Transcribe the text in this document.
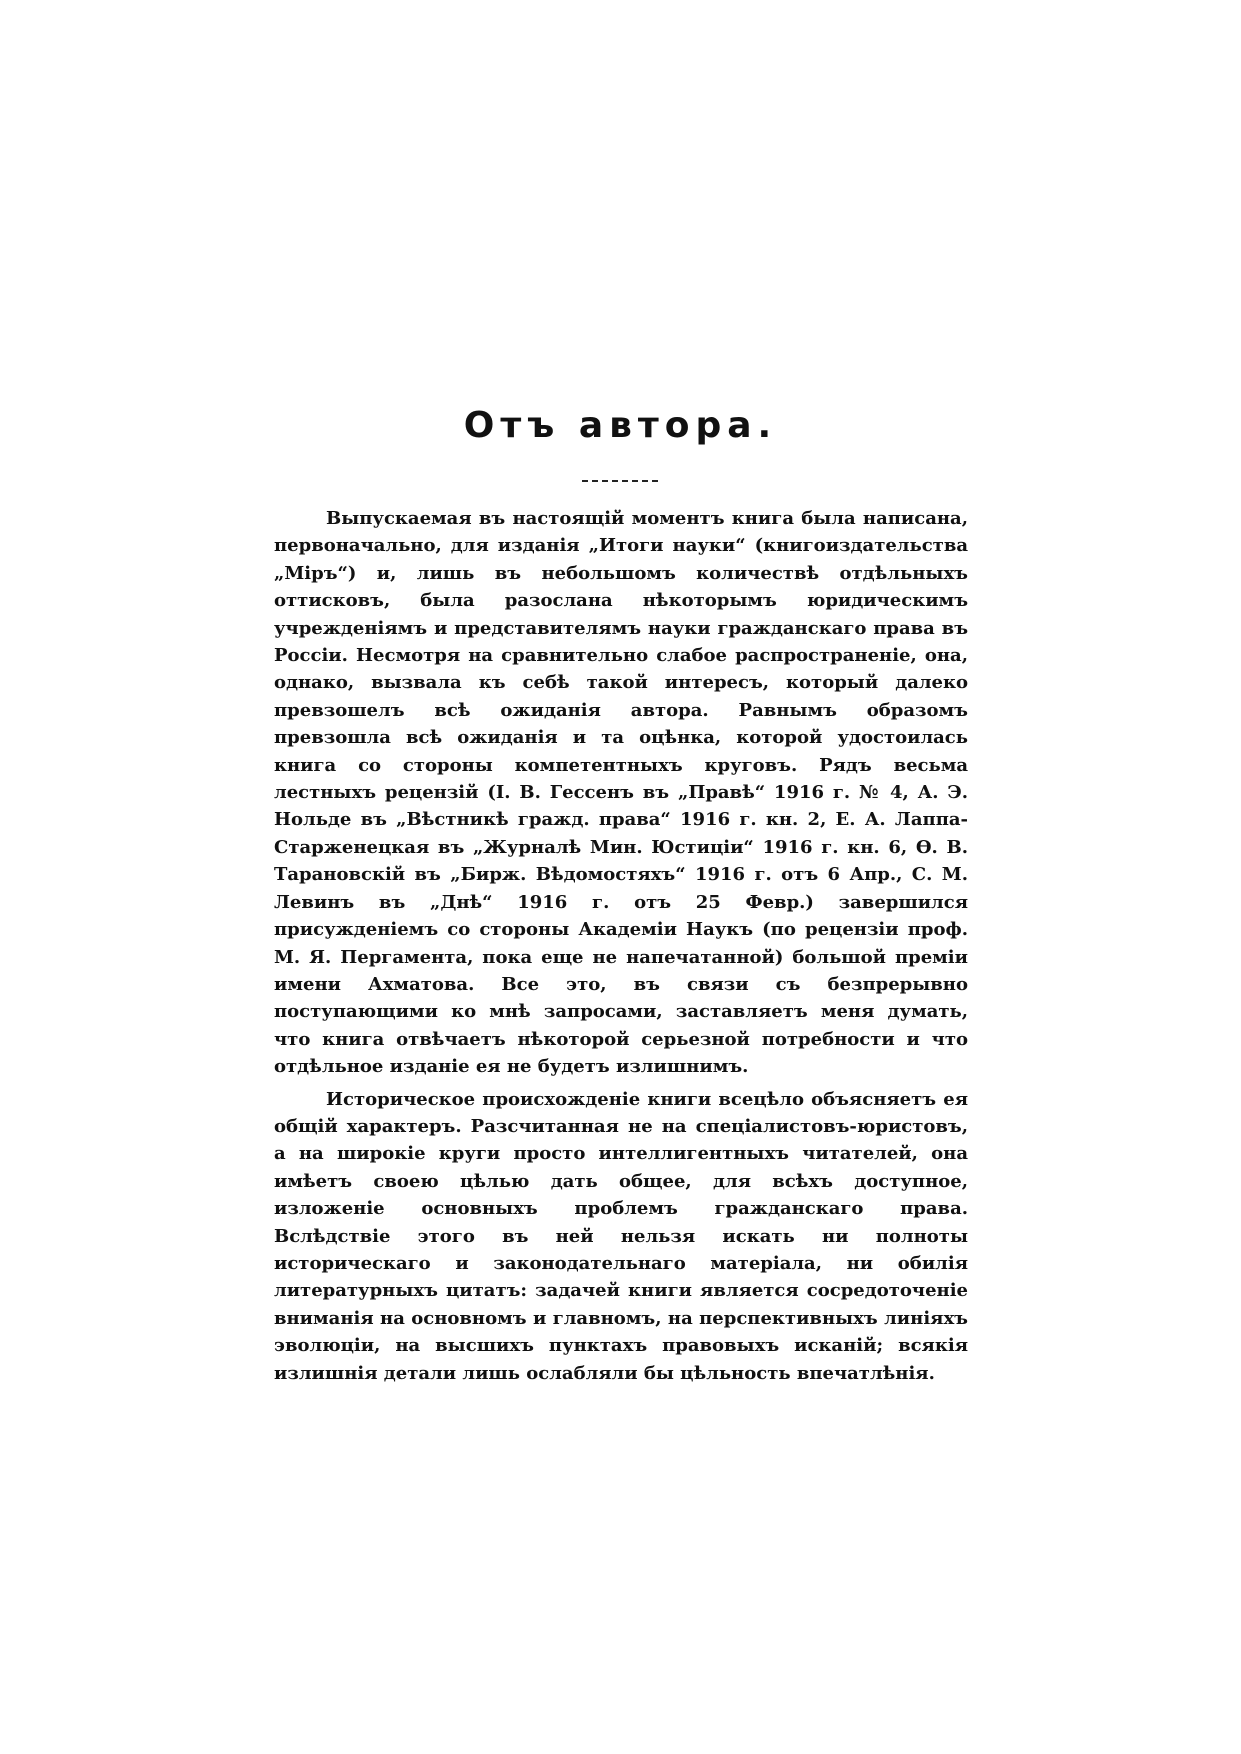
Отъ автора.

Выпускаемая въ настоящій моментъ книга была написана, первоначально, для изданія „Итоги науки“ (книгоиздательства „Міръ“) и, лишь въ небольшомъ количествѣ отдѣльныхъ оттисковъ, была разослана нѣкоторымъ юридическимъ учрежденіямъ и представителямъ науки гражданскаго права въ Россіи. Несмотря на сравнительно слабое распространеніе, она, однако, вызвала къ себѣ такой интересъ, который далеко превзошелъ всѣ ожиданія автора. Равнымъ образомъ превзошла всѣ ожиданія и та оцѣнка, которой удостоилась книга со стороны компетентныхъ круговъ. Рядъ весьма лестныхъ рецензій (І. В. Гессенъ въ „Правѣ“ 1916 г. № 4, А. Э. Нольде въ „Вѣстникѣ гражд. права“ 1916 г. кн. 2, Е. А. Лаппа-Старженецкая въ „Журналѣ Мин. Юстиціи“ 1916 г. кн. 6, Ѳ. В. Тарановскій въ „Бирж. Вѣдомостяхъ“ 1916 г. отъ 6 Апр., С. М. Левинъ въ „Днѣ“ 1916 г. отъ 25 Февр.) завершился присужденіемъ со стороны Академіи Наукъ (по рецензіи проф. М. Я. Пергамента, пока еще не напечатанной) большой преміи имени Ахматова. Все это, въ связи съ безпрерывно поступающими ко мнѣ запросами, заставляетъ меня думать, что книга отвѣчаетъ нѣкоторой серьезной потребности и что отдѣльное изданіе ея не будетъ излишнимъ.

Историческое происхожденіе книги всецѣло объясняетъ ея общій характеръ. Разсчитанная не на спеціалистовъ-юристовъ, а на широкіе круги просто интеллигентныхъ читателей, она имѣетъ своею цѣлью дать общее, для всѣхъ доступное, изложеніе основныхъ проблемъ гражданскаго права. Вслѣдствіе этого въ ней нельзя искать ни полноты историческаго и законодательнаго матеріала, ни обилія литературныхъ цитатъ: задачей книги является сосредоточеніе вниманія на основномъ и главномъ, на перспективныхъ линіяхъ эволюціи, на высшихъ пунктахъ правовыхъ исканій; всякія излишнія детали лишь ослабляли бы цѣльность впечатлѣнія.
